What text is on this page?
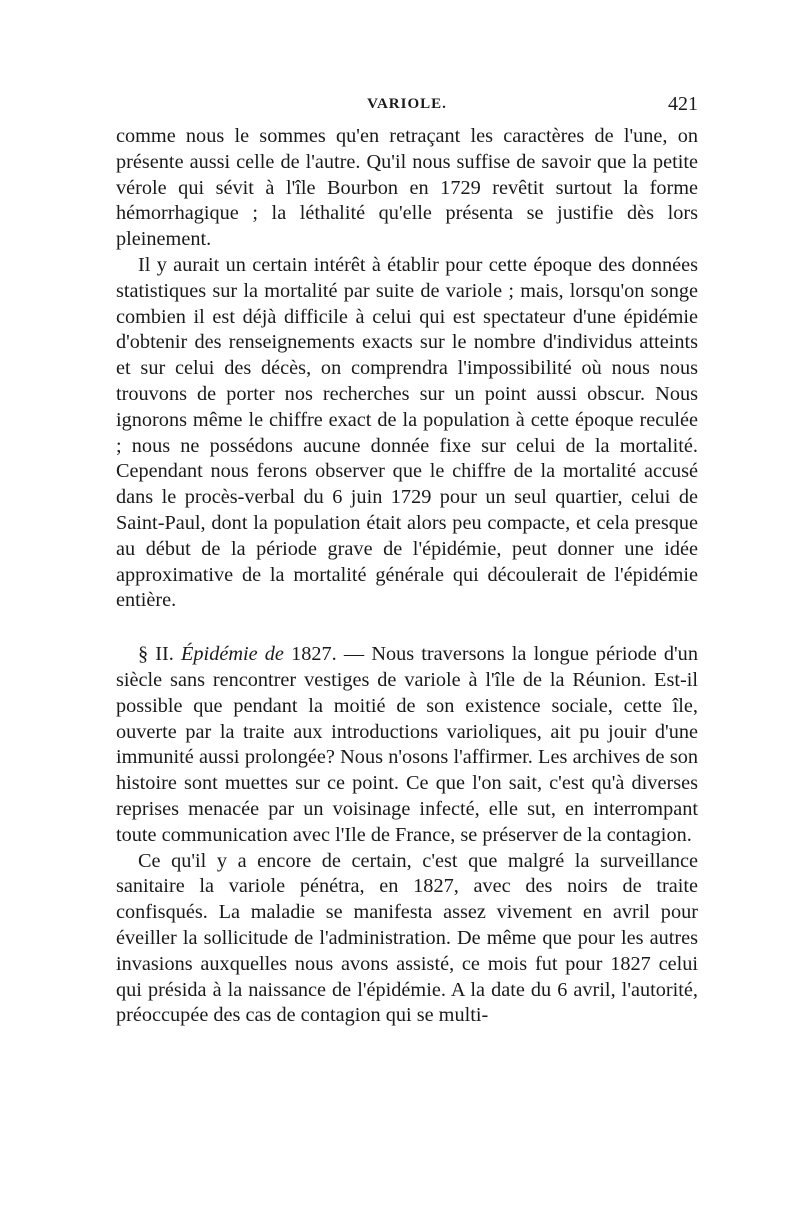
VARIOLE.	421

comme nous le sommes qu'en retraçant les caractères de l'une, on présente aussi celle de l'autre. Qu'il nous suffise de savoir que la petite vérole qui sévit à l'île Bourbon en 1729 revêtit surtout la forme hémorrhagique ; la léthalité qu'elle présenta se justifie dès lors pleinement.

Il y aurait un certain intérêt à établir pour cette époque des données statistiques sur la mortalité par suite de variole ; mais, lorsqu'on songe combien il est déjà difficile à celui qui est spectateur d'une épidémie d'obtenir des renseignements exacts sur le nombre d'individus atteints et sur celui des décès, on comprendra l'impossibilité où nous nous trouvons de porter nos recherches sur un point aussi obscur. Nous ignorons même le chiffre exact de la population à cette époque reculée ; nous ne possédons aucune donnée fixe sur celui de la mortalité. Cependant nous ferons observer que le chiffre de la mortalité accusé dans le procès-verbal du 6 juin 1729 pour un seul quartier, celui de Saint-Paul, dont la population était alors peu compacte, et cela presque au début de la période grave de l'épidémie, peut donner une idée approximative de la mortalité générale qui découlerait de l'épidémie entière.

§ II. Épidémie de 1827. — Nous traversons la longue période d'un siècle sans rencontrer vestiges de variole à l'île de la Réunion. Est-il possible que pendant la moitié de son existence sociale, cette île, ouverte par la traite aux introductions varioliques, ait pu jouir d'une immunité aussi prolongée? Nous n'osons l'affirmer. Les archives de son histoire sont muettes sur ce point. Ce que l'on sait, c'est qu'à diverses reprises menacée par un voisinage infecté, elle sut, en interrompant toute communication avec l'Ile de France, se préserver de la contagion.

Ce qu'il y a encore de certain, c'est que malgré la surveillance sanitaire la variole pénétra, en 1827, avec des noirs de traite confisqués. La maladie se manifesta assez vivement en avril pour éveiller la sollicitude de l'administration. De même que pour les autres invasions auxquelles nous avons assisté, ce mois fut pour 1827 celui qui présida à la naissance de l'épidémie. A la date du 6 avril, l'autorité, préoccupée des cas de contagion qui se multi-
